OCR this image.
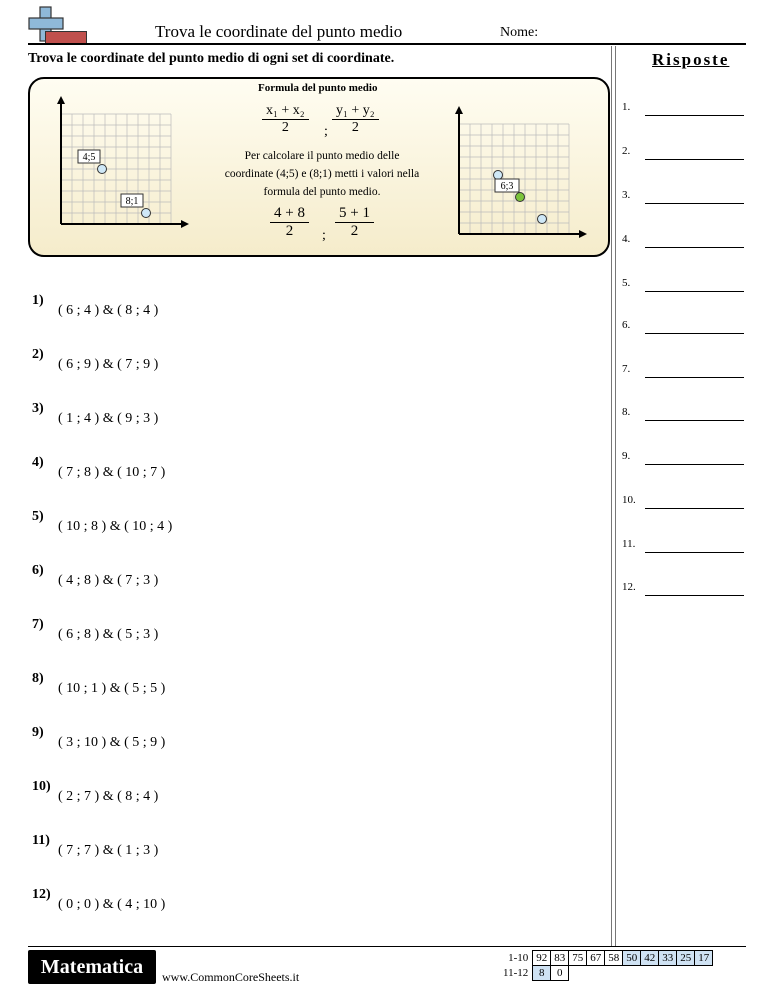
Trova le coordinate del punto medio	Nome:
Trova le coordinate del punto medio di ogni set di coordinate.	Risposte
4;5
8;1
6;3
Formula del punto medio
$\frac{\text{x₁ + x₂}}{2}$ ; $\frac{\text{y₁ + y₂}}{2}$
Per calcolare il punto medio delle coordinate (4;5) e (8;1) metti i valori nella formula del punto medio.
$\frac{4 + 8}{2}$ ; $\frac{5 + 1}{2}$
1)
( 6 ; 4 ) & ( 8 ; 4 )
2)
( 6 ; 9 ) & ( 7 ; 9 )
3)
( 1 ; 4 ) & ( 9 ; 3 )
4)
( 7 ; 8 ) & ( 10 ; 7 )
5)
( 10 ; 8 ) & ( 10 ; 4 )
6)
( 4 ; 8 ) & ( 7 ; 3 )
7)
( 6 ; 8 ) & ( 5 ; 3 )
8)
( 10 ; 1 ) & ( 5 ; 5 )
9)
( 3 ; 10 ) & ( 5 ; 9 )
10)
( 2 ; 7 ) & ( 8 ; 4 )
11)
( 7 ; 7 ) & ( 1 ; 3 )
12)
( 0 ; 0 ) & ( 4 ; 10 )
1.
2.
3.
4.
5.
6.
7.
8.
9.
10.
11.
12.
Matematica	www.CommonCoreSheets.it
1-10	92	83	75	67	58	50	42	33	25	17
11-12	8	0								
